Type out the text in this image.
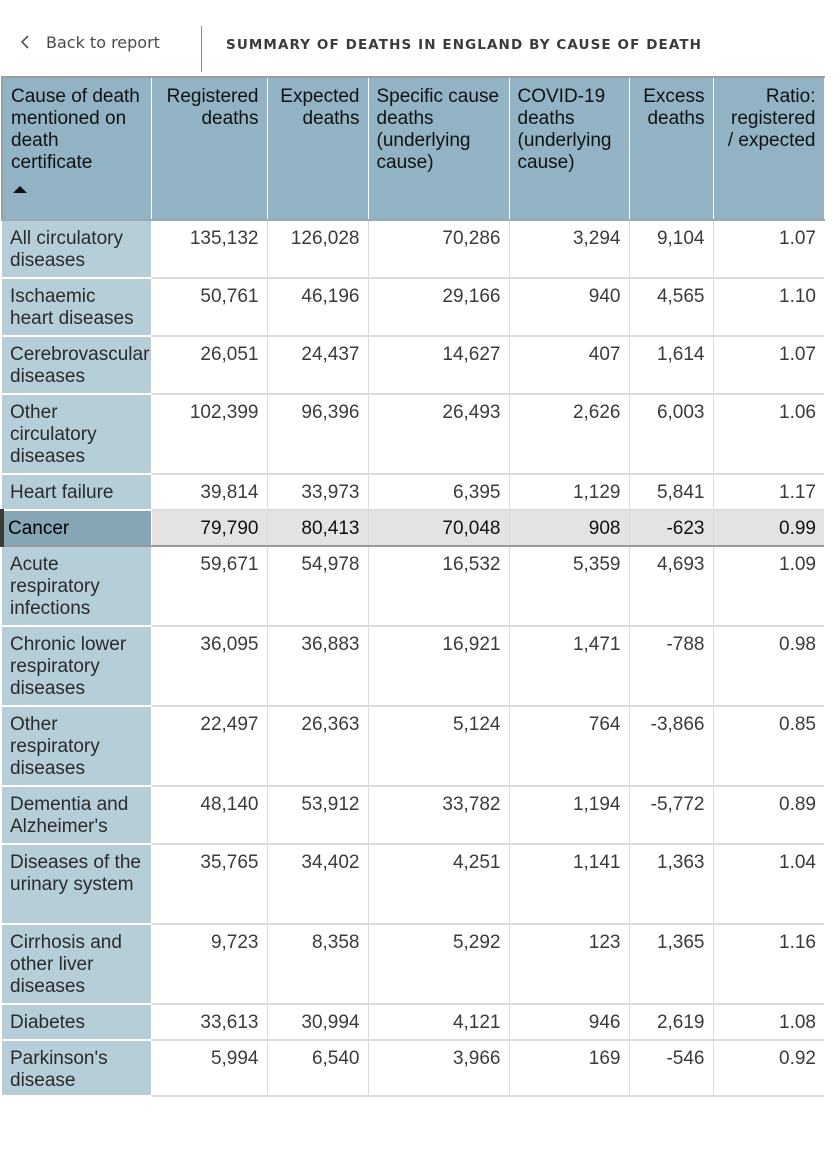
Back to report	SUMMARY OF DEATHS IN ENGLAND BY CAUSE OF DEATH
Cause of death mentioned on death certificate	Registered deaths	Expected deaths	Specific cause deaths (underlying cause)	COVID-19 deaths (underlying cause)	Excess deaths	Ratio: registered / expected
All circulatory diseases	135,132	126,028	70,286	3,294	9,104	1.07
Ischaemic heart diseases	50,761	46,196	29,166	940	4,565	1.10
Cerebrovascular diseases	26,051	24,437	14,627	407	1,614	1.07
Other circulatory diseases	102,399	96,396	26,493	2,626	6,003	1.06
Heart failure	39,814	33,973	6,395	1,129	5,841	1.17
Cancer	79,790	80,413	70,048	908	-623	0.99
Acute respiratory infections	59,671	54,978	16,532	5,359	4,693	1.09
Chronic lower respiratory diseases	36,095	36,883	16,921	1,471	-788	0.98
Other respiratory diseases	22,497	26,363	5,124	764	-3,866	0.85
Dementia and Alzheimer's	48,140	53,912	33,782	1,194	-5,772	0.89
Diseases of the urinary system	35,765	34,402	4,251	1,141	1,363	1.04
Cirrhosis and other liver diseases	9,723	8,358	5,292	123	1,365	1.16
Diabetes	33,613	30,994	4,121	946	2,619	1.08
Parkinson's disease	5,994	6,540	3,966	169	-546	0.92
